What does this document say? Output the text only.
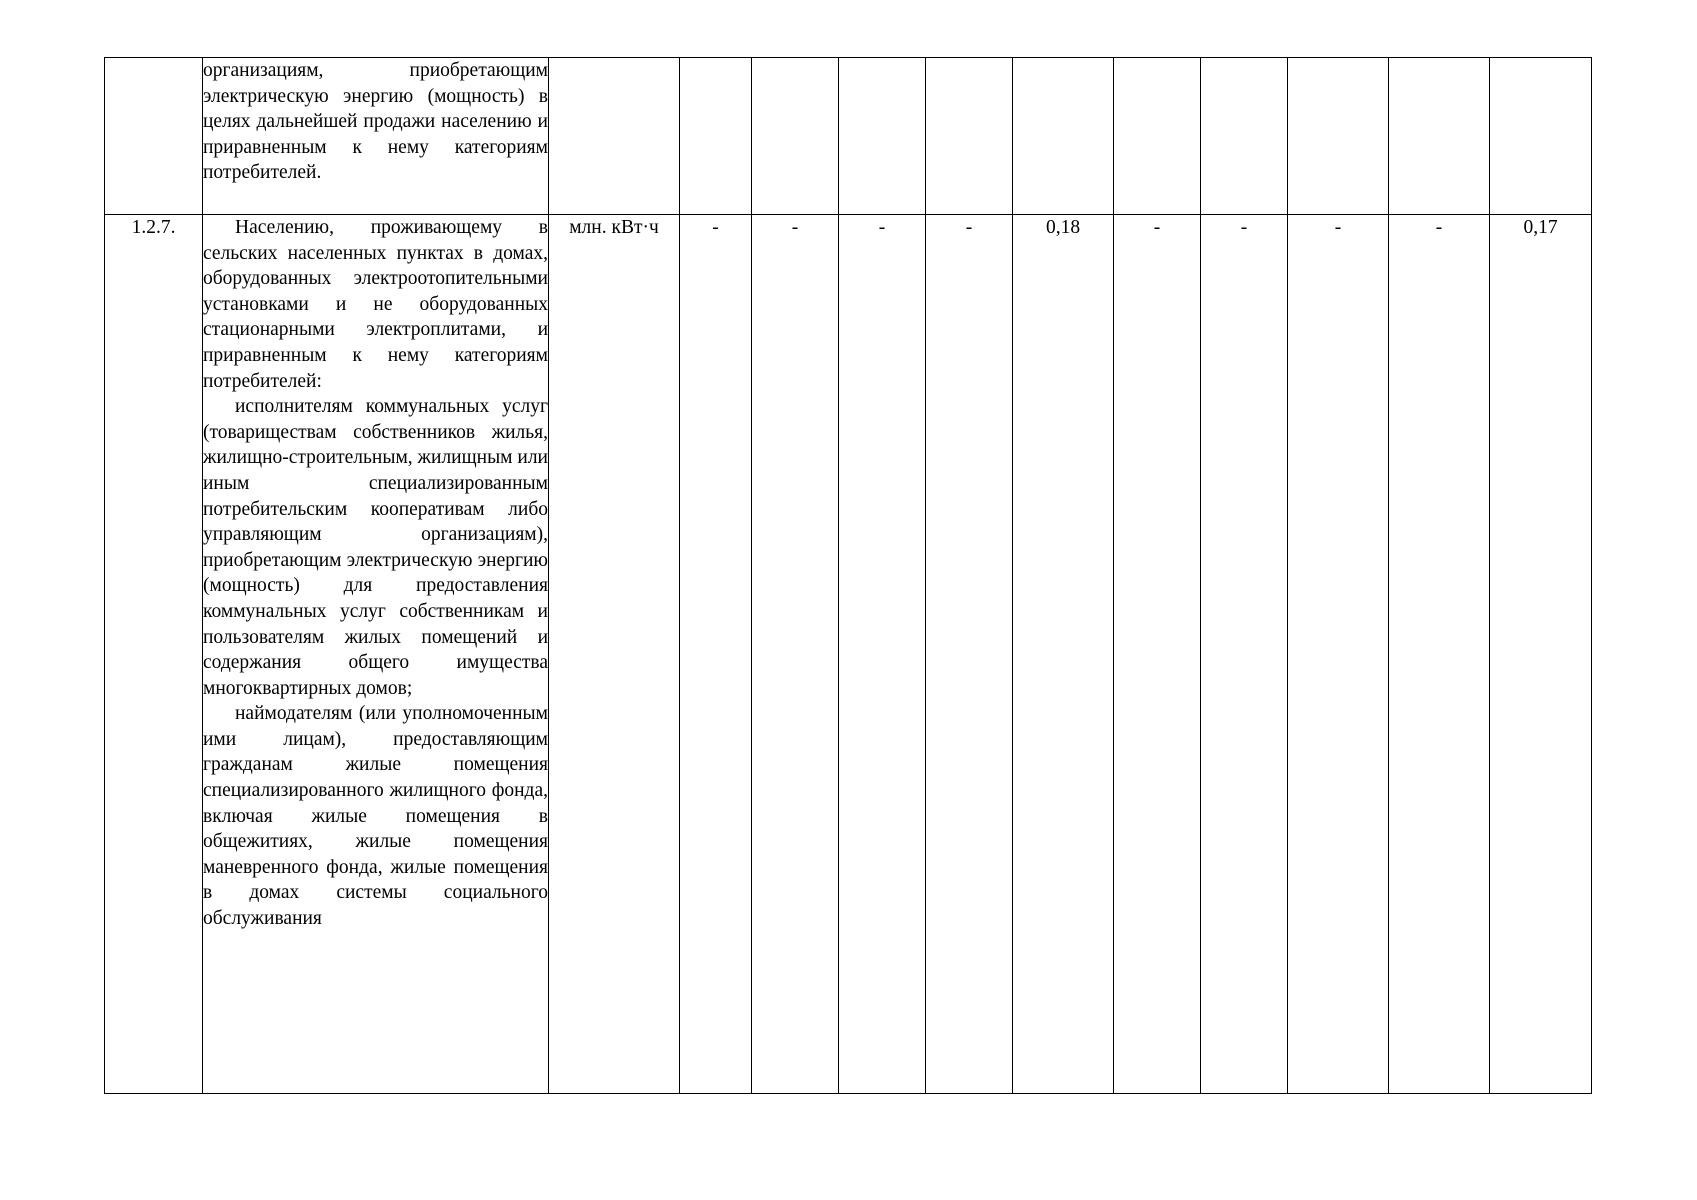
	организациям, приобретающим электрическую энергию (мощность) в целях дальнейшей продажи населению и приравненным к нему категориям потребителей.											

1.2.7.	Населению, проживающему в сельских населенных пунктах в домах, оборудованных электроотопительными установками и не оборудованных стационарными электроплитами, и приравненным к нему категориям потребителей:
исполнителям коммунальных услуг (товариществам собственников жилья, жилищно-строительным, жилищным или иным специализированным потребительским кооперативам либо управляющим организациям), приобретающим электрическую энергию (мощность) для предоставления коммунальных услуг собственникам и пользователям жилых помещений и содержания общего имущества многоквартирных домов;
наймодателям (или уполномоченным ими лицам), предоставляющим гражданам жилые помещения специализированного жилищного фонда, включая жилые помещения в общежитиях, жилые помещения маневренного фонда, жилые помещения в домах системы социального обслуживания	млн. кВт·ч	-	-	-	-	0,18	-	-	-	-	0,17
